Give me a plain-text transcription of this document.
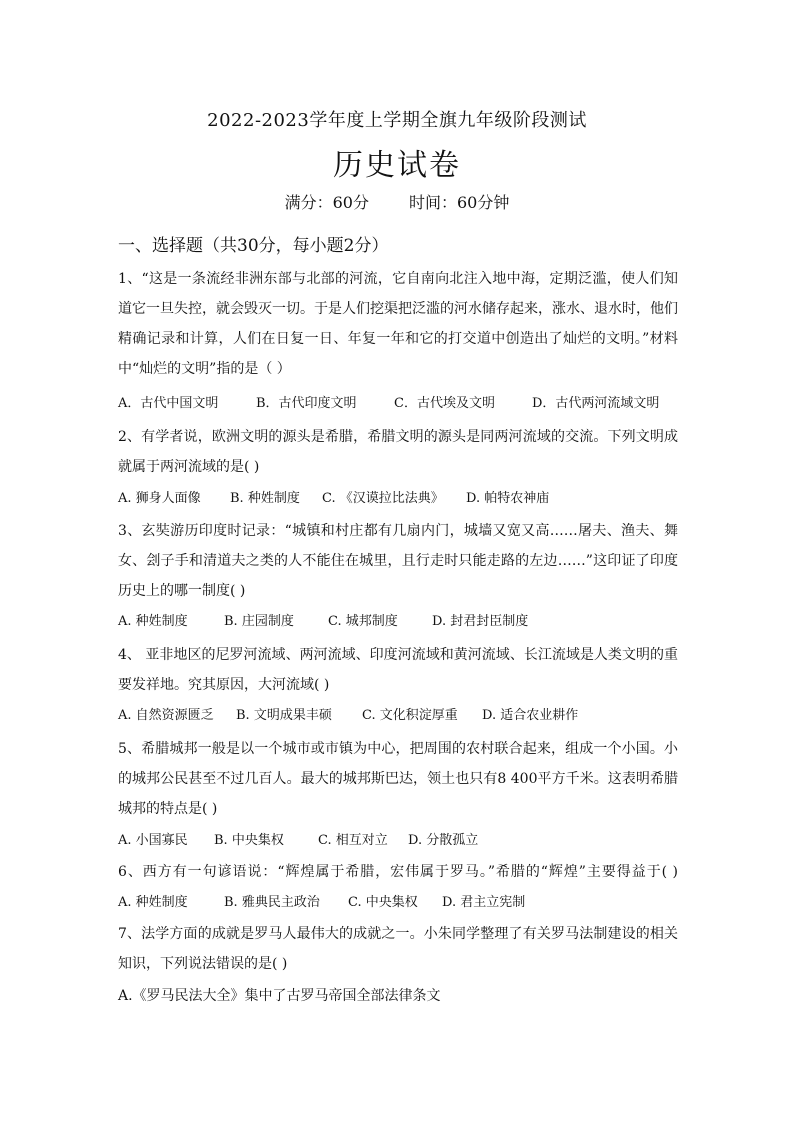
2022-2023学年度上学期全旗九年级阶段测试
历史试卷
满分：60分	时间：60分钟
一、选择题（共30分，每小题2分）
1、“这是一条流经非洲东部与北部的河流，它自南向北注入地中海，定期泛滥，使人们知
道它一旦失控，就会毁灭一切。于是人们挖渠把泛滥的河水储存起来，涨水、退水时，他们
精确记录和计算，人们在日复一日、年复一年和它的打交道中创造出了灿烂的文明。”材料
中“灿烂的文明”指的是（ ）
A．古代中国文明	B．古代印度文明	C．古代埃及文明	D．古代两河流域文明
2、有学者说，欧洲文明的源头是希腊，希腊文明的源头是同两河流域的交流。下列文明成
就属于两河流域的是( )
A. 狮身人面像 B. 种姓制度 C. 《汉谟拉比法典》 D. 帕特农神庙
3、玄奘游历印度时记录：“城镇和村庄都有几扇内门，城墙又宽又高……屠夫、渔夫、舞
女、刽子手和清道夫之类的人不能住在城里，且行走时只能走路的左边……”这印证了印度
历史上的哪一制度( )
A. 种姓制度	B. 庄园制度	C. 城邦制度	D. 封君封臣制度
4、 亚非地区的尼罗河流域、两河流域、印度河流域和黄河流域、长江流域是人类文明的重
要发祥地。究其原因，大河流域( )
A. 自然资源匮乏 B. 文明成果丰硕 C. 文化积淀厚重 D. 适合农业耕作
5、希腊城邦一般是以一个城市或市镇为中心，把周围的农村联合起来，组成一个小国。小
的城邦公民甚至不过几百人。最大的城邦斯巴达，领土也只有8 400平方千米。这表明希腊
城邦的特点是( )
A. 小国寡民 B. 中央集权	C. 相互对立 D. 分散孤立
6、西方有一句谚语说：“辉煌属于希腊，宏伟属于罗马。”希腊的“辉煌”主要得益于( )
A. 种姓制度	B. 雅典民主政治 C. 中央集权 D. 君主立宪制
7、法学方面的成就是罗马人最伟大的成就之一。小朱同学整理了有关罗马法制建设的相关
知识，下列说法错误的是( )
A.《罗马民法大全》集中了古罗马帝国全部法律条文
